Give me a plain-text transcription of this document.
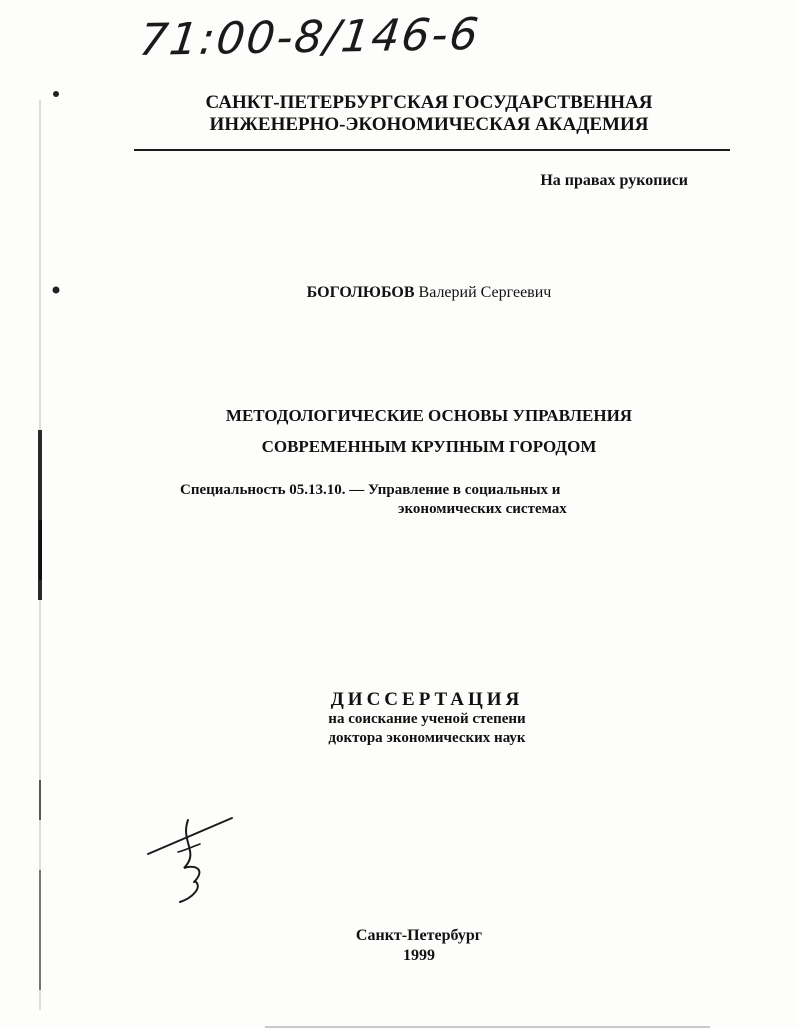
71:00-8/146-6
САНКТ-ПЕТЕРБУРГСКАЯ ГОСУДАРСТВЕННАЯ
ИНЖЕНЕРНО-ЭКОНОМИЧЕСКАЯ АКАДЕМИЯ
На правах рукописи
БОГОЛЮБОВ Валерий Сергеевич
МЕТОДОЛОГИЧЕСКИЕ ОСНОВЫ УПРАВЛЕНИЯ
СОВРЕМЕННЫМ КРУПНЫМ ГОРОДОМ
Специальность 05.13.10. — Управление в социальных и
экономических системах
ДИССЕРТАЦИЯ
на соискание ученой степени
доктора экономических наук
Санкт-Петербург
1999
